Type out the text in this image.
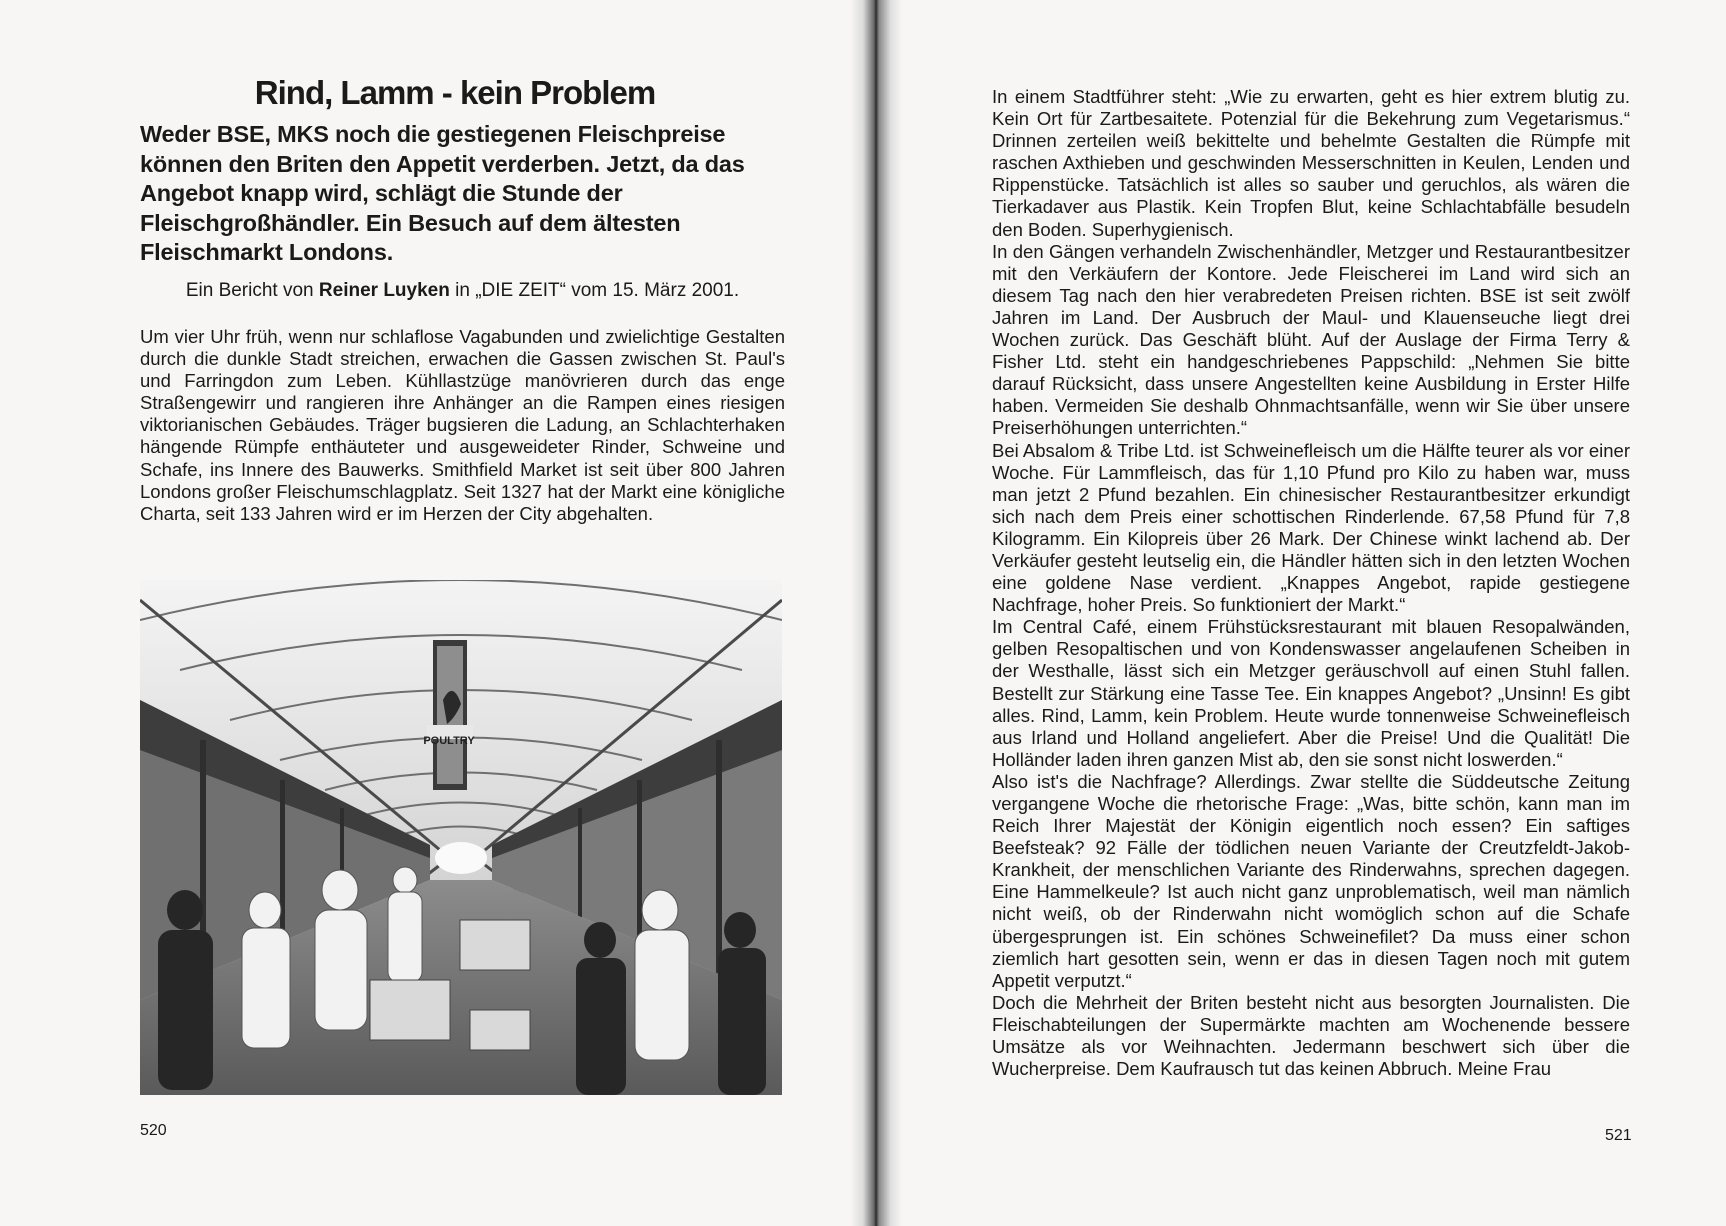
Rind, Lamm - kein Problem

Weder BSE, MKS noch die gestiegenen Fleischpreise können den Briten den Appetit verderben. Jetzt, da das Angebot knapp wird, schlägt die Stunde der Fleischgroßhändler. Ein Besuch auf dem ältesten Fleischmarkt Londons.

Ein Bericht von Reiner Luyken in „DIE ZEIT“ vom 15. März 2001.

Um vier Uhr früh, wenn nur schlaflose Vagabunden und zwielichtige Gestalten durch die dunkle Stadt streichen, erwachen die Gassen zwischen St. Paul's und Farringdon zum Leben. Kühllastzüge manövrieren durch das enge Straßengewirr und rangieren ihre Anhänger an die Rampen eines riesigen viktorianischen Gebäudes. Träger bugsieren die Ladung, an Schlachterhaken hängende Rümpfe enthäuteter und ausgeweideter Rinder, Schweine und Schafe, ins Innere des Bauwerks. Smithfield Market ist seit über 800 Jahren Londons großer Fleischumschlagplatz. Seit 1327 hat der Markt eine königliche Charta, seit 133 Jahren wird er im Herzen der City abgehalten.

POULTRY
520

In einem Stadtführer steht: „Wie zu erwarten, geht es hier extrem blutig zu. Kein Ort für Zartbesaitete. Potenzial für die Bekehrung zum Vegetarismus.“ Drinnen zerteilen weiß bekittelte und behelmte Gestalten die Rümpfe mit raschen Axthieben und geschwinden Messerschnitten in Keulen, Lenden und Rippenstücke. Tatsächlich ist alles so sauber und geruchlos, als wären die Tierkadaver aus Plastik. Kein Tropfen Blut, keine Schlachtabfälle besudeln den Boden. Superhygienisch.

In den Gängen verhandeln Zwischenhändler, Metzger und Restaurantbesitzer mit den Verkäufern der Kontore. Jede Fleischerei im Land wird sich an diesem Tag nach den hier verabredeten Preisen richten. BSE ist seit zwölf Jahren im Land. Der Ausbruch der Maul- und Klauenseuche liegt drei Wochen zurück. Das Geschäft blüht. Auf der Auslage der Firma Terry & Fisher Ltd. steht ein handgeschriebenes Pappschild: „Nehmen Sie bitte darauf Rücksicht, dass unsere Angestellten keine Ausbildung in Erster Hilfe haben. Vermeiden Sie deshalb Ohnmachtsanfälle, wenn wir Sie über unsere Preiserhöhungen unterrichten.“

Bei Absalom & Tribe Ltd. ist Schweinefleisch um die Hälfte teurer als vor einer Woche. Für Lammfleisch, das für 1,10 Pfund pro Kilo zu haben war, muss man jetzt 2 Pfund bezahlen. Ein chinesischer Restaurantbesitzer erkundigt sich nach dem Preis einer schottischen Rinderlende. 67,58 Pfund für 7,8 Kilogramm. Ein Kilopreis über 26 Mark. Der Chinese winkt lachend ab. Der Verkäufer gesteht leutselig ein, die Händler hätten sich in den letzten Wochen eine goldene Nase verdient. „Knappes Angebot, rapide gestiegene Nachfrage, hoher Preis. So funktioniert der Markt.“

Im Central Café, einem Frühstücksrestaurant mit blauen Resopalwänden, gelben Resopaltischen und von Kondenswasser angelaufenen Scheiben in der Westhalle, lässt sich ein Metzger geräuschvoll auf einen Stuhl fallen. Bestellt zur Stärkung eine Tasse Tee. Ein knappes Angebot? „Unsinn! Es gibt alles. Rind, Lamm, kein Problem. Heute wurde tonnenweise Schweinefleisch aus Irland und Holland angeliefert. Aber die Preise! Und die Qualität! Die Holländer laden ihren ganzen Mist ab, den sie sonst nicht loswerden.“

Also ist's die Nachfrage? Allerdings. Zwar stellte die Süddeutsche Zeitung vergangene Woche die rhetorische Frage: „Was, bitte schön, kann man im Reich Ihrer Majestät der Königin eigentlich noch essen? Ein saftiges Beefsteak? 92 Fälle der tödlichen neuen Variante der Creutzfeldt-Jakob-Krankheit, der menschlichen Variante des Rinderwahns, sprechen dagegen. Eine Hammelkeule? Ist auch nicht ganz unproblematisch, weil man nämlich nicht weiß, ob der Rinderwahn nicht womöglich schon auf die Schafe übergesprungen ist. Ein schönes Schweinefilet? Da muss einer schon ziemlich hart gesotten sein, wenn er das in diesen Tagen noch mit gutem Appetit verputzt.“

Doch die Mehrheit der Briten besteht nicht aus besorgten Journalisten. Die Fleischabteilungen der Supermärkte machten am Wochenende bessere Umsätze als vor Weihnachten. Jedermann beschwert sich über die Wucherpreise. Dem Kaufrausch tut das keinen Abbruch. Meine Frau

521
